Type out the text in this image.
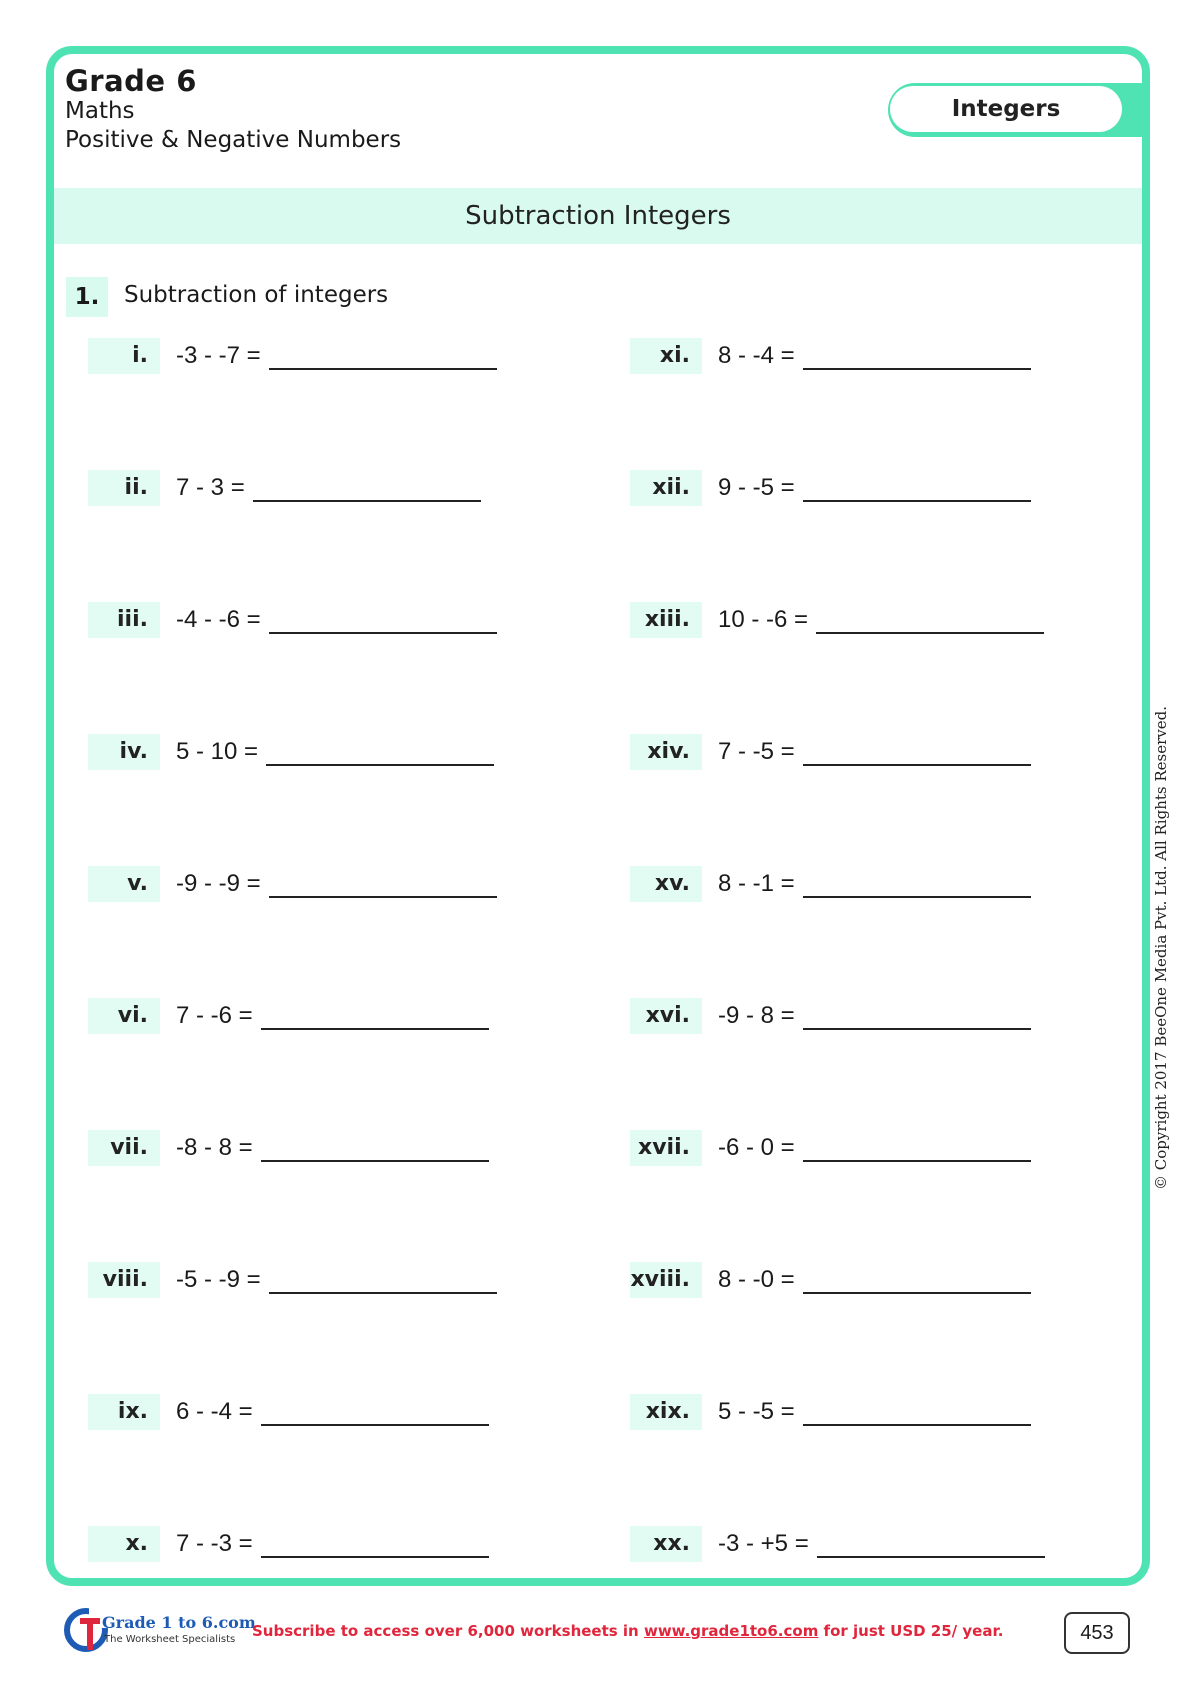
Grade 6
Maths
Positive & Negative Numbers
Integers
Subtraction Integers
1.	Subtraction of integers
i.	-3 - -7 =
ii.	7 - 3 =
iii.	-4 - -6 =
iv.	5 - 10 =
v.	-9 - -9 =
vi.	7 - -6 =
vii.	-8 - 8 =
viii.	-5 - -9 =
ix.	6 - -4 =
x.	7 - -3 =
xi.	8 - -4 =
xii.	9 - -5 =
xiii.	10 - -6 =
xiv.	7 - -5 =
xv.	8 - -1 =
xvi.	-9 - 8 =
xvii.	-6 - 0 =
xviii.	8 - -0 =
xix.	5 - -5 =
xx.	-3 - +5 =
© Copyright 2017 BeeOne Media Pvt. Ltd. All Rights Reserved.
Grade 1 to 6.com
The Worksheet Specialists Subscribe to access over 6,000 worksheets in www.grade1to6.com for just USD 25/ year.	453
